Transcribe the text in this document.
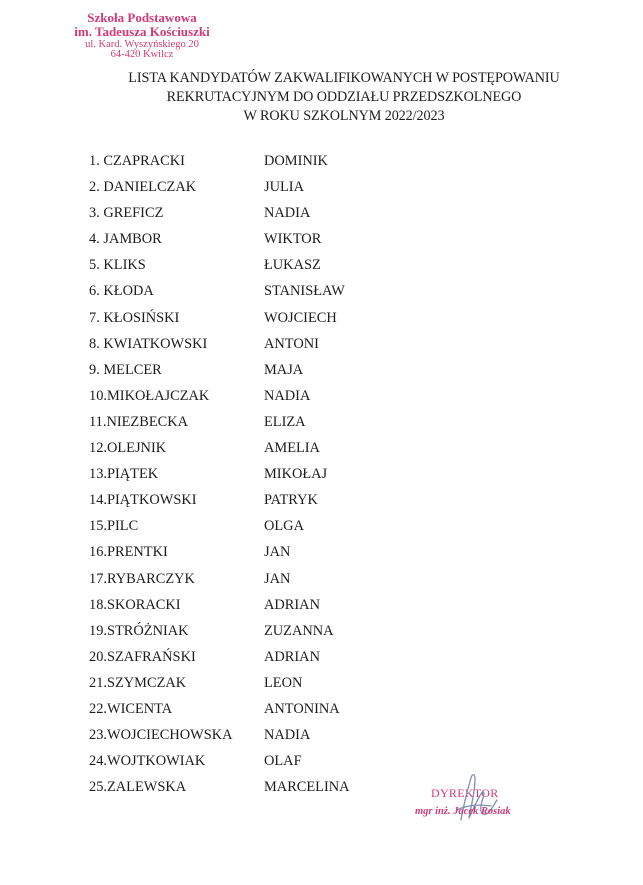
Szkoła Podstawowa
im. Tadeusza Kościuszki
ul. Kard. Wyszyńskiego 20
64-420 Kwilcz
LISTA KANDYDATÓW ZAKWALIFIKOWANYCH W POSTĘPOWANIU
REKRUTACYJNYM DO ODDZIAŁU PRZEDSZKOLNEGO
W ROKU SZKOLNYM 2022/2023
1. CZAPRACKI	DOMINIK
2. DANIELCZAK	JULIA
3. GREFICZ	NADIA
4. JAMBOR	WIKTOR
5. KLIKS	ŁUKASZ
6. KŁODA	STANISŁAW
7. KŁOSIŃSKI	WOJCIECH
8. KWIATKOWSKI	ANTONI
9. MELCER	MAJA
10.MIKOŁAJCZAK	NADIA
11.NIEZBECKA	ELIZA
12.OLEJNIK	AMELIA
13.PIĄTEK	MIKOŁAJ
14.PIĄTKOWSKI	PATRYK
15.PILC	OLGA
16.PRENTKI	JAN
17.RYBARCZYK	JAN
18.SKORACKI	ADRIAN
19.STRÓŻNIAK	ZUZANNA
20.SZAFRAŃSKI	ADRIAN
21.SZYMCZAK	LEON
22.WICENTA	ANTONINA
23.WOJCIECHOWSKA NADIA
24.WOJTKOWIAK	OLAF
25.ZALEWSKA	MARCELINA	DYREKTOR
mgr inż. Jacek Rosiak
